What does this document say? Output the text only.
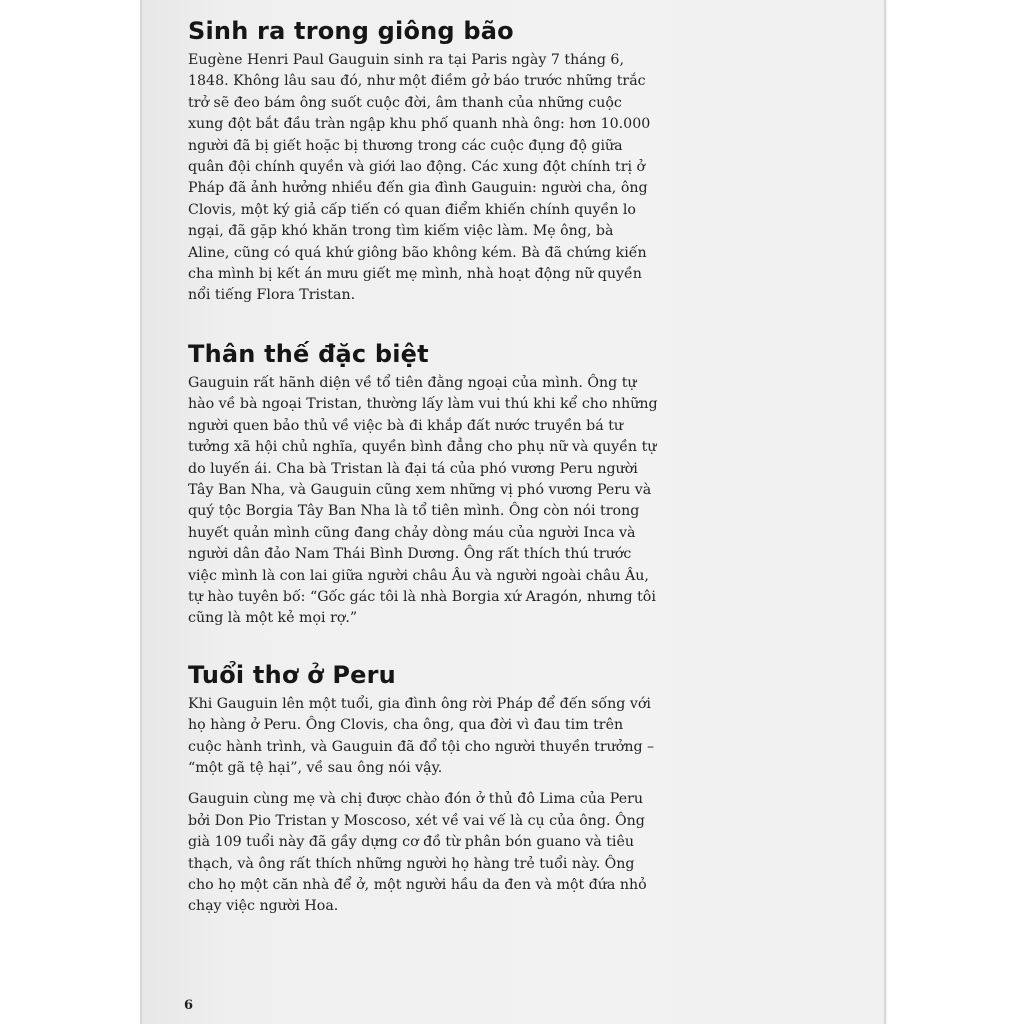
Sinh ra trong giông bão

Eugène Henri Paul Gauguin sinh ra tại Paris ngày 7 tháng 6, 1848. Không lâu sau đó, như một điềm gở báo trước những trắc trở sẽ đeo bám ông suốt cuộc đời, âm thanh của những cuộc xung đột bắt đầu tràn ngập khu phố quanh nhà ông: hơn 10.000 người đã bị giết hoặc bị thương trong các cuộc đụng độ giữa quân đội chính quyền và giới lao động. Các xung đột chính trị ở Pháp đã ảnh hưởng nhiều đến gia đình Gauguin: người cha, ông Clovis, một ký giả cấp tiến có quan điểm khiến chính quyền lo ngại, đã gặp khó khăn trong tìm kiếm việc làm. Mẹ ông, bà Aline, cũng có quá khứ giông bão không kém. Bà đã chứng kiến cha mình bị kết án mưu giết mẹ mình, nhà hoạt động nữ quyền nổi tiếng Flora Tristan.

Thân thế đặc biệt

Gauguin rất hãnh diện về tổ tiên đằng ngoại của mình. Ông tự hào về bà ngoại Tristan, thường lấy làm vui thú khi kể cho những người quen bảo thủ về việc bà đi khắp đất nước truyền bá tư tưởng xã hội chủ nghĩa, quyền bình đẳng cho phụ nữ và quyền tự do luyến ái. Cha bà Tristan là đại tá của phó vương Peru người Tây Ban Nha, và Gauguin cũng xem những vị phó vương Peru và quý tộc Borgia Tây Ban Nha là tổ tiên mình. Ông còn nói trong huyết quản mình cũng đang chảy dòng máu của người Inca và người dân đảo Nam Thái Bình Dương. Ông rất thích thú trước việc mình là con lai giữa người châu Âu và người ngoài châu Âu, tự hào tuyên bố: “Gốc gác tôi là nhà Borgia xứ Aragón, nhưng tôi cũng là một kẻ mọi rợ.”

Tuổi thơ ở Peru

Khi Gauguin lên một tuổi, gia đình ông rời Pháp để đến sống với họ hàng ở Peru. Ông Clovis, cha ông, qua đời vì đau tim trên cuộc hành trình, và Gauguin đã đổ tội cho người thuyền trưởng – “một gã tệ hại”, về sau ông nói vậy.

Gauguin cùng mẹ và chị được chào đón ở thủ đô Lima của Peru bởi Don Pio Tristan y Moscoso, xét về vai vế là cụ của ông. Ông già 109 tuổi này đã gầy dựng cơ đồ từ phân bón guano và tiêu thạch, và ông rất thích những người họ hàng trẻ tuổi này. Ông cho họ một căn nhà để ở, một người hầu da đen và một đứa nhỏ chạy việc người Hoa.

6
